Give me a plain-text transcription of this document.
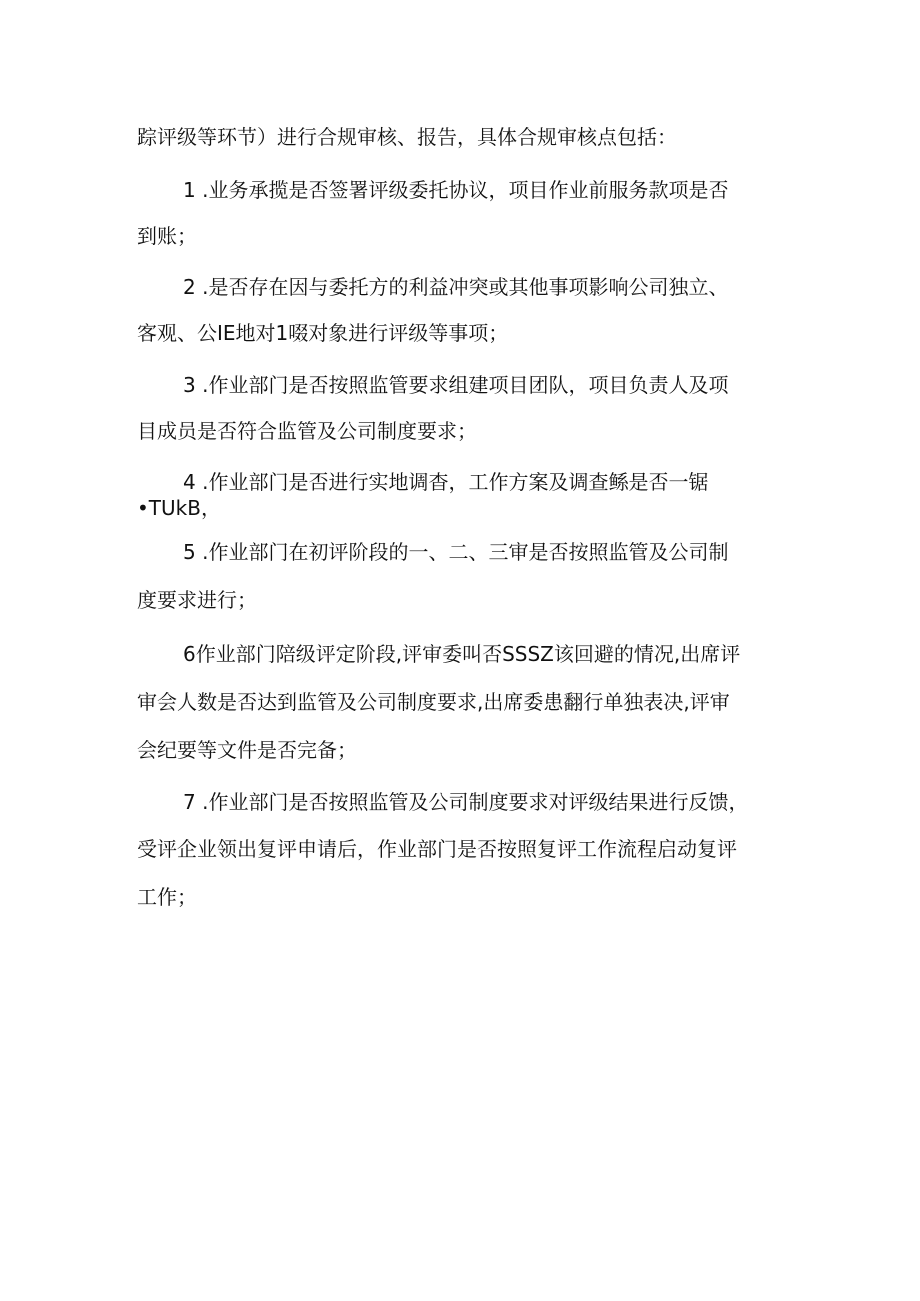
踪评级等环节）进行合规审核、报告，具体合规审核点包括：

1 .业务承揽是否签署评级委托协议，项目作业前服务款项是否

到账；

2 .是否存在因与委托方的利益冲突或其他事项影响公司独立、

客观、公IE地对1啜对象进行评级等事项；

3 .作业部门是否按照监管要求组建项目团队，项目负责人及项

目成员是否符合监管及公司制度要求；

4 .作业部门是否进行实地调杳，工作方案及调查鲧是否一锯

•TUkB，

5 .作业部门在初评阶段的一、二、三审是否按照监管及公司制

度要求进行；

6作业部门陪级评定阶段,评审委叫否SSSZ该回避的情况,出席评

审会人数是否达到监管及公司制度要求,出席委患翻行单独表决,评审

会纪要等文件是否完备；

7 .作业部门是否按照监管及公司制度要求对评级结果进行反馈，

受评企业领出复评申请后，作业部门是否按照复评工作流程启动复评

工作；
